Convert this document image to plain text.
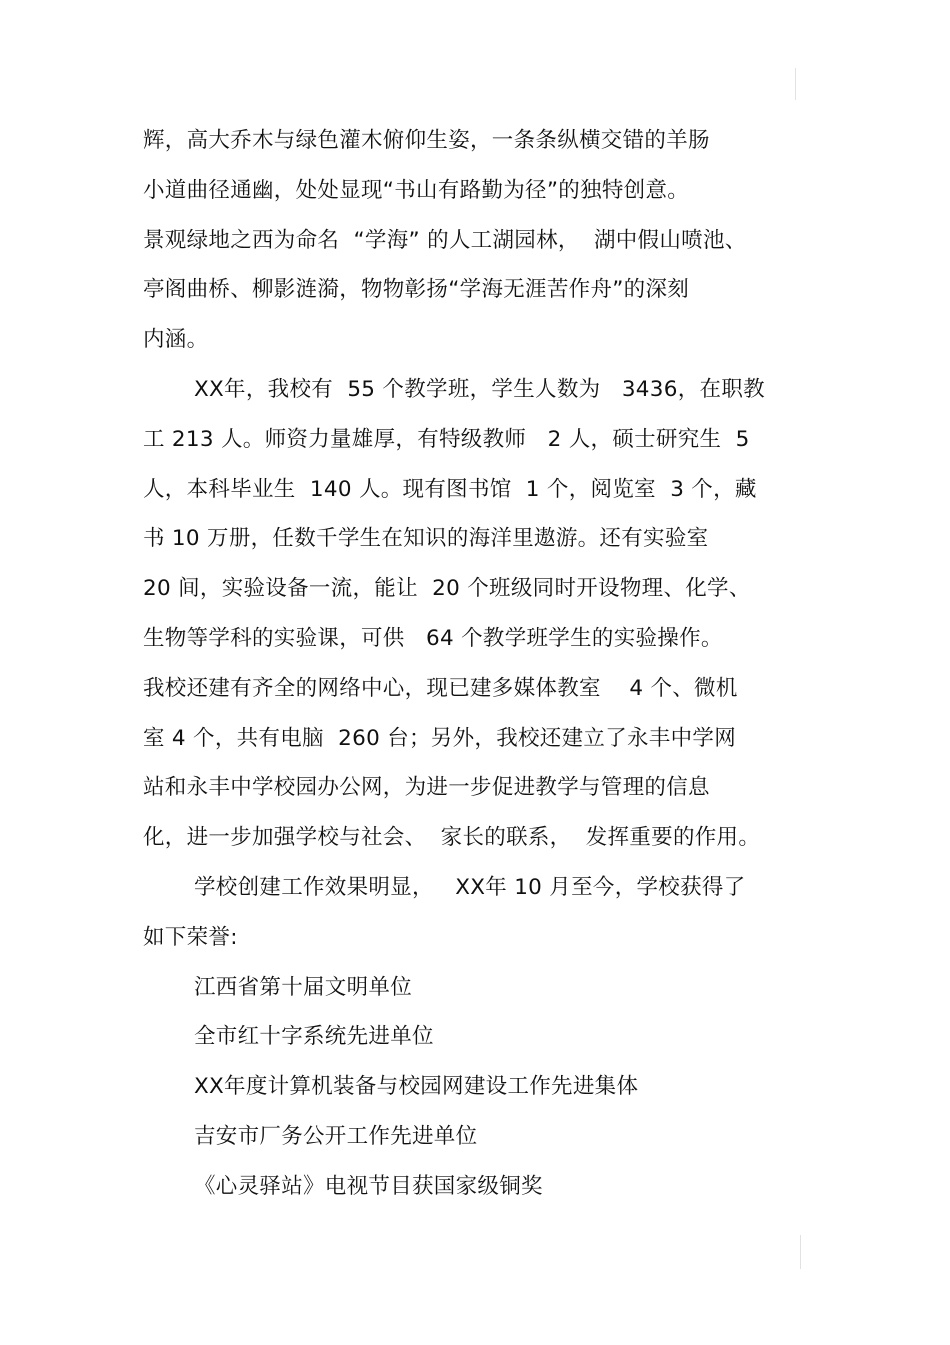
辉，高大乔木与绿色灌木俯仰生姿，一条条纵横交错的羊肠
小道曲径通幽，处处显现“书山有路勤为径”的独特创意。
景观绿地之西为命名  “学海” 的人工湖园林，  湖中假山喷池、
亭阁曲桥、柳影涟漪，物物彰扬“学海无涯苦作舟”的深刻
内涵。
XX年，我校有  55 个教学班，学生人数为   3436，在职教
工 213 人。师资力量雄厚，有特级教师   2 人，硕士研究生  5
人，本科毕业生  140 人。现有图书馆  1 个，阅览室  3 个，藏
书 10 万册，任数千学生在知识的海洋里遨游。还有实验室
20 间，实验设备一流，能让  20 个班级同时开设物理、化学、
生物等学科的实验课，可供   64 个教学班学生的实验操作。
我校还建有齐全的网络中心，现已建多媒体教室    4 个、微机
室 4 个，共有电脑  260 台；另外，我校还建立了永丰中学网
站和永丰中学校园办公网，为进一步促进教学与管理的信息
化，进一步加强学校与社会、  家长的联系，  发挥重要的作用。
学校创建工作效果明显，   XX年 10 月至今，学校获得了
如下荣誉:
江西省第十届文明单位
全市红十字系统先进单位
XX年度计算机装备与校园网建设工作先进集体
吉安市厂务公开工作先进单位
《心灵驿站》电视节目获国家级铜奖
